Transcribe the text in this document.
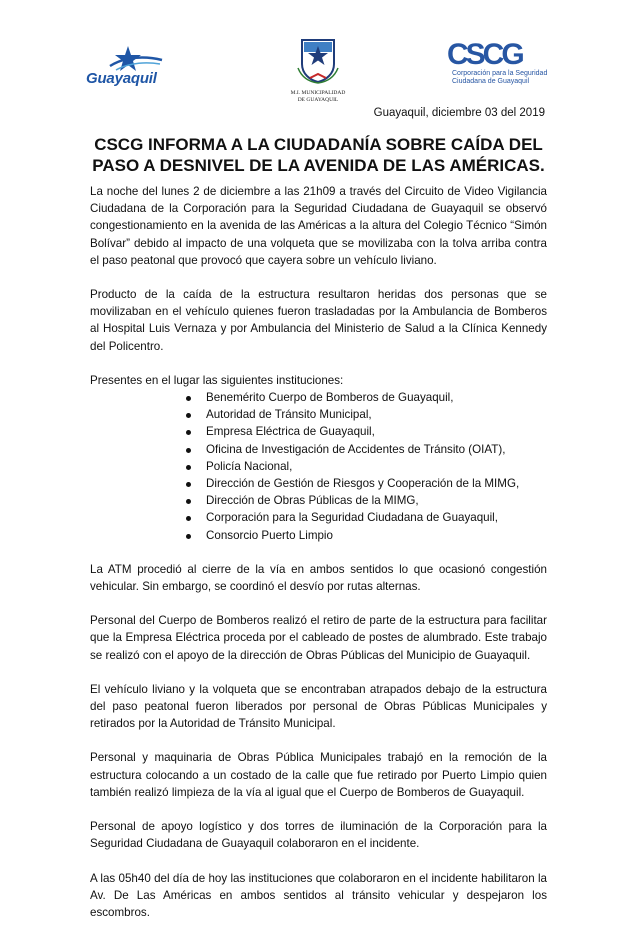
Guayaquil
M.I. MUNICIPALIDAD
DE GUAYAQUIL
CSCG
Corporación para la Seguridad
Ciudadana de Guayaquil
Guayaquil, diciembre 03 del 2019
CSCG INFORMA A LA CIUDADANÍA SOBRE CAÍDA DEL PASO A DESNIVEL DE LA AVENIDA DE LAS AMÉRICAS.

La noche del lunes 2 de diciembre a las 21h09 a través del Circuito de Video Vigilancia Ciudadana de la Corporación para la Seguridad Ciudadana de Guayaquil se observó congestionamiento en la avenida de las Américas a la altura del Colegio Técnico “Simón Bolívar” debido al impacto de una volqueta que se movilizaba con la tolva arriba contra el paso peatonal que provocó que cayera sobre un vehículo liviano.

Producto de la caída de la estructura resultaron heridas dos personas que se movilizaban en el vehículo quienes fueron trasladadas por la Ambulancia de Bomberos al Hospital Luis Vernaza y por Ambulancia del Ministerio de Salud a la Clínica Kennedy del Policentro.

Presentes en el lugar las siguientes instituciones:

Benemérito Cuerpo de Bomberos de Guayaquil,
Autoridad de Tránsito Municipal,
Empresa Eléctrica de Guayaquil,
Oficina de Investigación de Accidentes de Tránsito (OIAT),
Policía Nacional,
Dirección de Gestión de Riesgos y Cooperación de la MIMG,
Dirección de Obras Públicas de la MIMG,
Corporación para la Seguridad Ciudadana de Guayaquil,
Consorcio Puerto Limpio

La ATM procedió al cierre de la vía en ambos sentidos lo que ocasionó congestión vehicular. Sin embargo, se coordinó el desvío por rutas alternas.

Personal del Cuerpo de Bomberos realizó el retiro de parte de la estructura para facilitar que la Empresa Eléctrica proceda por el cableado de postes de alumbrado. Este trabajo se realizó con el apoyo de la dirección de Obras Públicas del Municipio de Guayaquil.

El vehículo liviano y la volqueta que se encontraban atrapados debajo de la estructura del paso peatonal fueron liberados por personal de Obras Públicas Municipales y retirados por la Autoridad de Tránsito Municipal.

Personal y maquinaria de Obras Pública Municipales trabajó en la remoción de la estructura colocando a un costado de la calle que fue retirado por Puerto Limpio quien también realizó limpieza de la vía al igual que el Cuerpo de Bomberos de Guayaquil.

Personal de apoyo logístico y dos torres de iluminación de la Corporación para la Seguridad Ciudadana de Guayaquil colaboraron en el incidente.

A las 05h40 del día de hoy las instituciones que colaboraron en el incidente habilitaron la Av. De Las Américas en ambos sentidos al tránsito vehicular y despejaron los escombros.
